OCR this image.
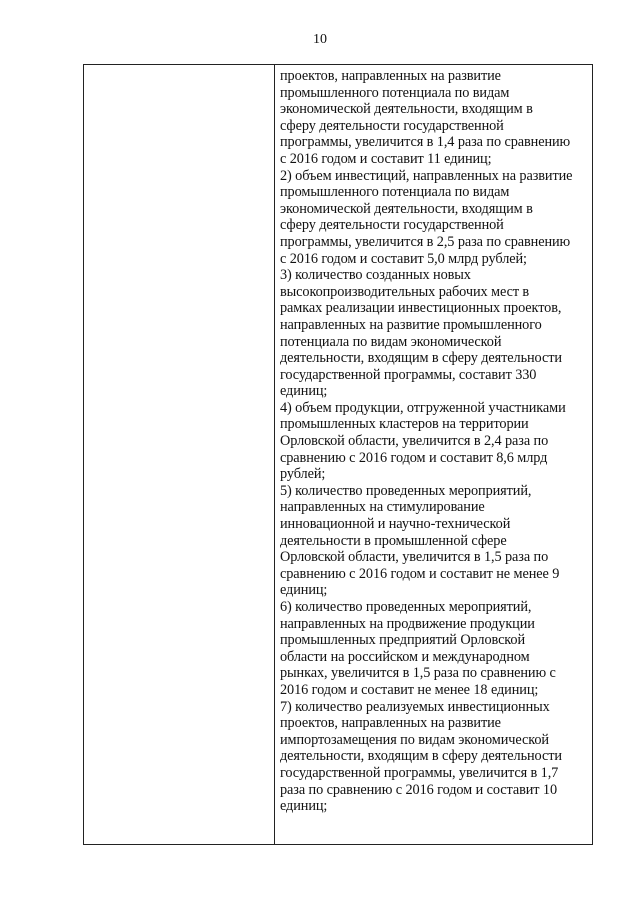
10
проектов, направленных на развитие
промышленного потенциала по видам
экономической деятельности, входящим в
сферу деятельности государственной
программы, увеличится в 1,4 раза по сравнению
с 2016 годом и составит 11 единиц;
2) объем инвестиций, направленных на развитие
промышленного потенциала по видам
экономической деятельности, входящим в
сферу деятельности государственной
программы, увеличится в 2,5 раза по сравнению
с 2016 годом и составит 5,0 млрд рублей;
3) количество созданных новых
высокопроизводительных рабочих мест в
рамках реализации инвестиционных проектов,
направленных на развитие промышленного
потенциала по видам экономической
деятельности, входящим в сферу деятельности
государственной программы, составит 330
единиц;
4) объем продукции, отгруженной участниками
промышленных кластеров на территории
Орловской области, увеличится в 2,4 раза по
сравнению с 2016 годом и составит 8,6 млрд
рублей;
5) количество проведенных мероприятий,
направленных на стимулирование
инновационной и научно-технической
деятельности в промышленной сфере
Орловской области, увеличится в 1,5 раза по
сравнению с 2016 годом и составит не менее 9
единиц;
6) количество проведенных мероприятий,
направленных на продвижение продукции
промышленных предприятий Орловской
области на российском и международном
рынках, увеличится в 1,5 раза по сравнению с
2016 годом и составит не менее 18 единиц;
7) количество реализуемых инвестиционных
проектов, направленных на развитие
импортозамещения по видам экономической
деятельности, входящим в сферу деятельности
государственной программы, увеличится в 1,7
раза по сравнению с 2016 годом и составит 10
единиц;
